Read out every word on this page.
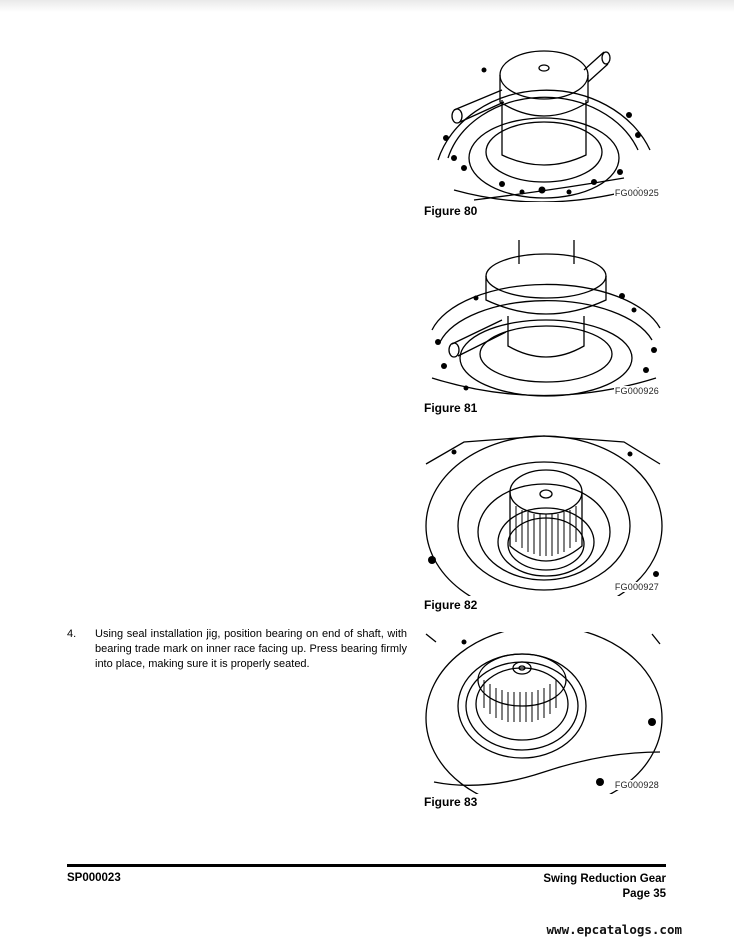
FG000925
Figure 80
FG000926
Figure 81
FG000927
Figure 82
FG000928
Figure 83
4. Using seal installation jig, position bearing on end of shaft, with bearing trade mark on inner race facing up. Press bearing firmly into place, making sure it is properly seated.
SP000023	Swing Reduction Gear
Page 35
www.epcatalogs.com
